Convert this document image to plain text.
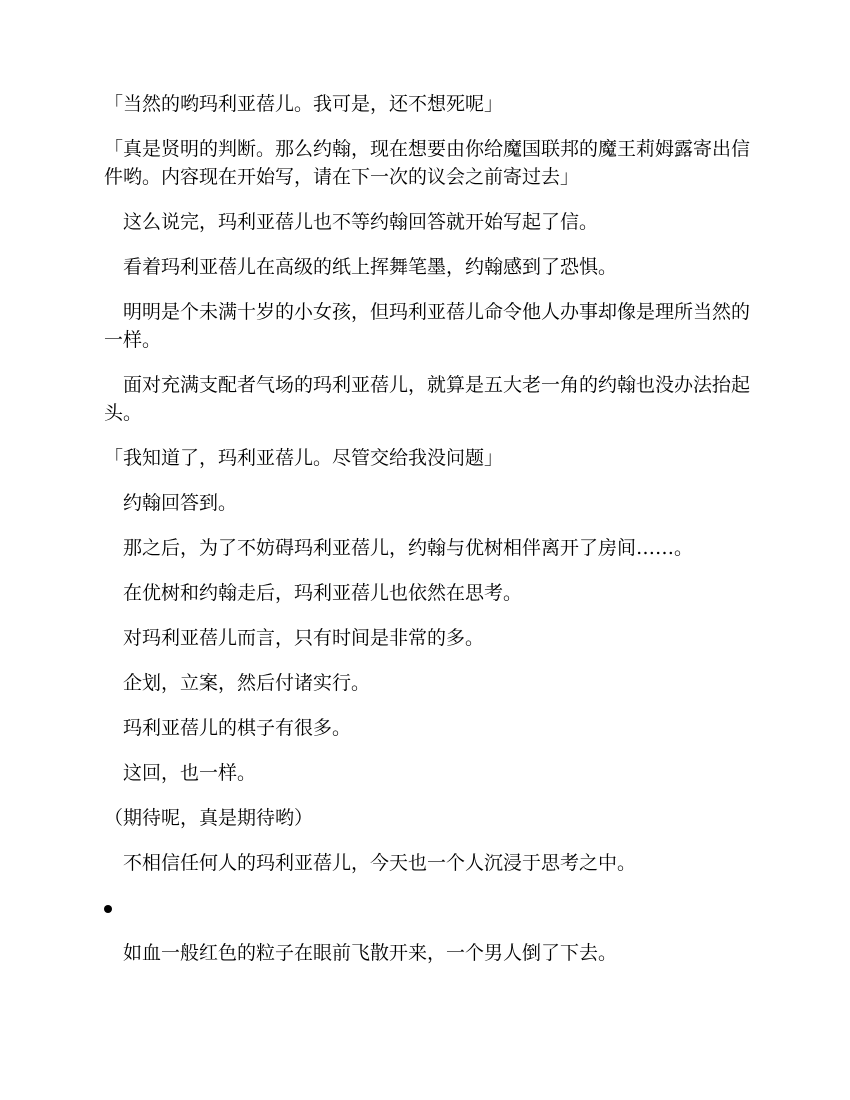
「当然的哟玛利亚蓓儿。我可是，还不想死呢」

「真是贤明的判断。那么约翰，现在想要由你给魔国联邦的魔王莉姆露寄出信件哟。内容现在开始写，请在下一次的议会之前寄过去」

这么说完，玛利亚蓓儿也不等约翰回答就开始写起了信。

看着玛利亚蓓儿在高级的纸上挥舞笔墨，约翰感到了恐惧。

明明是个未满十岁的小女孩，但玛利亚蓓儿命令他人办事却像是理所当然的一样。

面对充满支配者气场的玛利亚蓓儿，就算是五大老一角的约翰也没办法抬起头。

「我知道了，玛利亚蓓儿。尽管交给我没问题」

约翰回答到。

那之后，为了不妨碍玛利亚蓓儿，约翰与优树相伴离开了房间……。

在优树和约翰走后，玛利亚蓓儿也依然在思考。

对玛利亚蓓儿而言，只有时间是非常的多。

企划，立案，然后付诸实行。

玛利亚蓓儿的棋子有很多。

这回，也一样。

（期待呢，真是期待哟）

不相信任何人的玛利亚蓓儿，今天也一个人沉浸于思考之中。

如血一般红色的粒子在眼前飞散开来，一个男人倒了下去。
